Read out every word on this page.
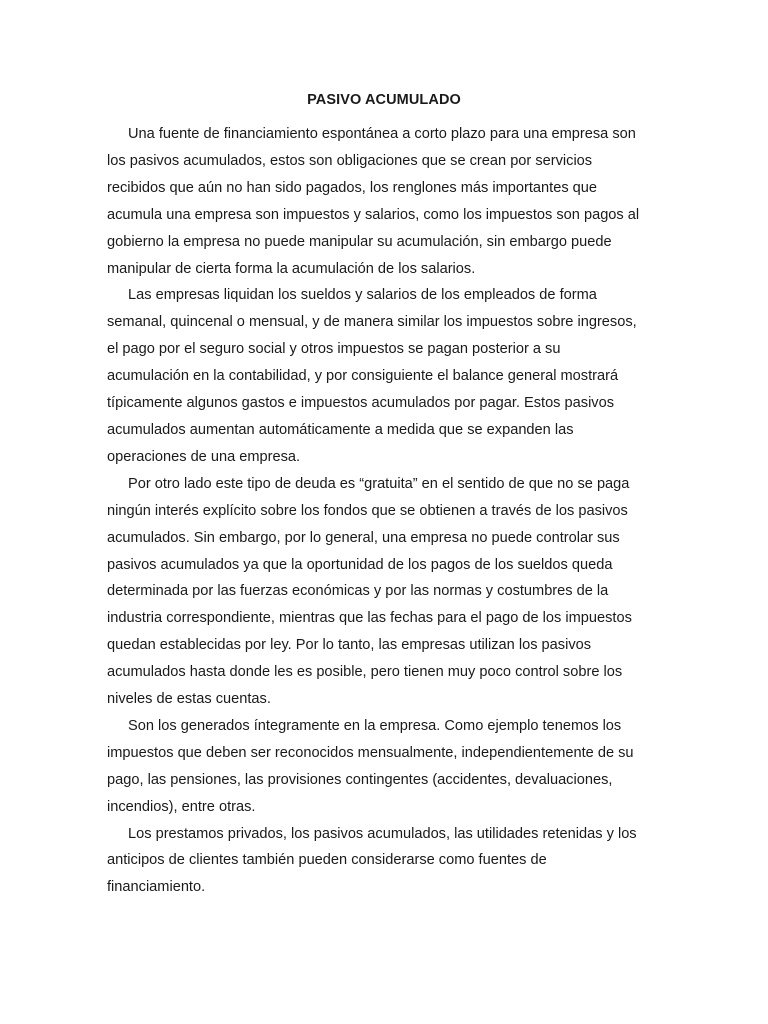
PASIVO ACUMULADO

Una fuente de financiamiento espontánea a corto plazo para una empresa son
los pasivos acumulados, estos son obligaciones que se crean por servicios
recibidos que aún no han sido pagados, los renglones más importantes que
acumula una empresa son impuestos y salarios, como los impuestos son pagos al
gobierno la empresa no puede manipular su acumulación, sin embargo puede
manipular de cierta forma la acumulación de los salarios.

Las empresas liquidan los sueldos y salarios de los empleados de forma
semanal, quincenal o mensual, y de manera similar los impuestos sobre ingresos,
el pago por el seguro social y otros impuestos se pagan posterior a su
acumulación en la contabilidad, y por consiguiente el balance general mostrará
típicamente algunos gastos e impuestos acumulados por pagar. Estos pasivos
acumulados aumentan automáticamente a medida que se expanden las
operaciones de una empresa.

Por otro lado este tipo de deuda es “gratuita” en el sentido de que no se paga
ningún interés explícito sobre los fondos que se obtienen a través de los pasivos
acumulados. Sin embargo, por lo general, una empresa no puede controlar sus
pasivos acumulados ya que la oportunidad de los pagos de los sueldos queda
determinada por las fuerzas económicas y por las normas y costumbres de la
industria correspondiente, mientras que las fechas para el pago de los impuestos
quedan establecidas por ley. Por lo tanto, las empresas utilizan los pasivos
acumulados hasta donde les es posible, pero tienen muy poco control sobre los
niveles de estas cuentas.

Son los generados íntegramente en la empresa. Como ejemplo tenemos los
impuestos que deben ser reconocidos mensualmente, independientemente de su
pago, las pensiones, las provisiones contingentes (accidentes, devaluaciones,
incendios), entre otras.

Los prestamos privados, los pasivos acumulados, las utilidades retenidas y los
anticipos de clientes también pueden considerarse como fuentes de
financiamiento.
